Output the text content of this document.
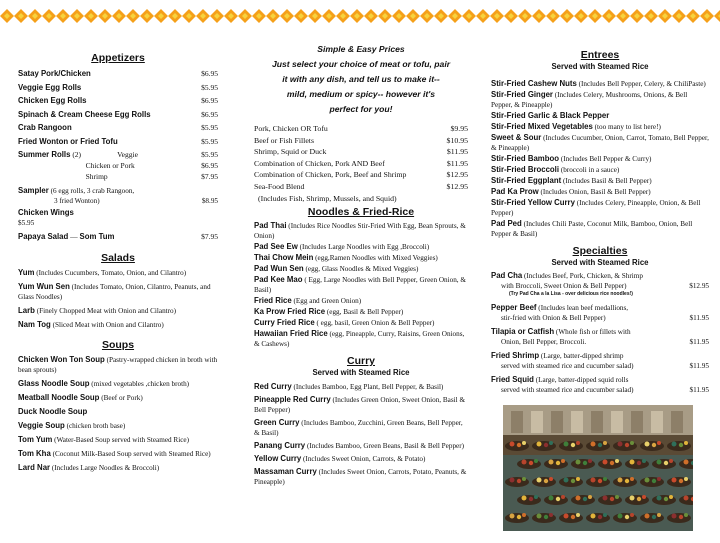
Appetizers
Satay Pork/Chicken	$6.95
Veggie Egg Rolls	$5.95
Chicken Egg Rolls	$6.95
Spinach & Cream Cheese Egg Rolls	$6.95
Crab Rangoon	$5.95
Fried Wonton or Fried Tofu	$5.95
Summer Rolls (2)	Veggie	$5.95
Chicken or Pork	$6.95
Shrimp	$7.95
Sampler (6 egg rolls, 3 crab Rangoon,
3 fried Wonton)	$8.95
Chicken Wings
$5.95
Papaya Salad — Som Tum	$7.95
Salads
Yum (Includes Cucumbers, Tomato, Onion, and Cilantro)
Yum Wun Sen (Includes Tomato, Onion, Cilantro, Peanuts, and Glass Noodles)
Larb (Finely Chopped Meat with Onion and Cilantro)
Nam Tog (Sliced Meat with Onion and Cilantro)
Soups
Chicken Won Ton Soup (Pastry-wrapped chicken in broth with bean sprouts)
Glass Noodle Soup (mixed vegetables ,chicken broth)
Meatball Noodle Soup (Beef or Pork)
Duck Noodle Soup
Veggie Soup (chicken broth base)
Tom Yum (Water-Based Soup served with Steamed Rice)
Tom Kha (Coconut Milk-Based Soup served with Steamed Rice)
Lard Nar (Includes Large Noodles & Broccoli)
Simple & Easy Prices
Just select your choice of meat or tofu, pair
it with any dish, and tell us to make it--
mild, medium or spicy-- however it's
perfect for you!
Pork, Chicken OR Tofu	$9.95
Beef or Fish Fillets	$10.95
Shrimp, Squid or Duck	$11.95
Combination of Chicken, Pork AND Beef	$11.95
Combination of Chicken, Pork, Beef and Shrimp	$12.95
Sea-Food Blend	$12.95
(Includes Fish, Shrimp, Mussels, and Squid)
Noodles & Fried-Rice
Pad Thai (Includes Rice Noodles Stir-Fried With Egg, Bean Sprouts, & Onion)
Pad See Ew (Includes Large Noodles with Egg ,Broccoli)
Thai Chow Mein (egg,Ramen Noodles with Mixed Veggies)
Pad Wun Sen (egg, Glass Noodles & Mixed Veggies)
Pad Kee Mao ( Egg, Large Noodles with Bell Pepper, Green Onion, & Basil)
Fried Rice (Egg and Green Onion)
Ka Prow Fried Rice (egg, Basil & Bell Pepper)
Curry Fried Rice ( egg, basil, Green Onion & Bell Pepper)
Hawaiian Fried Rice (egg, Pineapple, Curry, Raisins, Green Onions, & Cashews)
Curry
Served with Steamed Rice
Red Curry (Includes Bamboo, Egg Plant, Bell Pepper, & Basil)
Pineapple Red Curry (Includes Green Onion, Sweet Onion, Basil & Bell Pepper)
Green Curry (Includes Bamboo, Zucchini, Green Beans, Bell Pepper, & Basil)
Panang Curry (Includes Bamboo, Green Beans, Basil & Bell Pepper)
Yellow Curry (Includes Sweet Onion, Carrots, & Potato)
Massaman Curry (Includes Sweet Onion, Carrots, Potato, Peanuts, & Pineapple)
Entrees
Served with Steamed Rice
Stir-Fried Cashew Nuts (Includes Bell Pepper, Celery, & ChiliPaste)
Stir-Fried Ginger (Includes Celery, Mushrooms, Onions, & Bell Pepper, & Pineapple)
Stir-Fried Garlic & Black Pepper
Stir-Fried Mixed Vegetables (too many to list here!)
Sweet & Sour (Includes Cucumber, Onion, Carrot, Tomato, Bell Pepper, & Pineapple)
Stir-Fried Bamboo (Includes Bell Pepper & Curry)
Stir-Fried Broccoli (broccoli in a sauce)
Stir-Fried Eggplant (Includes Basil & Bell Pepper)
Pad Ka Prow (Includes Onion, Basil & Bell Pepper)
Stir-Fried Yellow Curry (Includes Celery, Pineapple, Onion, & Bell Pepper)
Pad Ped (Includes Chili Paste, Coconut Milk, Bamboo, Onion, Bell Pepper & Basil)
Specialties
Served with Steamed Rice
Pad Cha (Includes Beef, Pork, Chicken, & Shrimp

with Broccoli, Sweet Onion & Bell Pepper)	$12.95
(Try Pad Cha a la Lisa - over delicious rice noodles!)
Pepper Beef (Includes lean beef medallions,
stir-fried with Onion & Bell Pepper)	$11.95
Tilapia or Catfish (Whole fish or fillets with
Onion, Bell Pepper, Broccoli.	$11.95
Fried Shrimp (Large, batter-dipped shrimp
served with steamed rice and cucumber salad)	$11.95
Fried Squid (Large, batter-dipped squid rolls
served with steamed rice and cucumber salad)	$11.95
